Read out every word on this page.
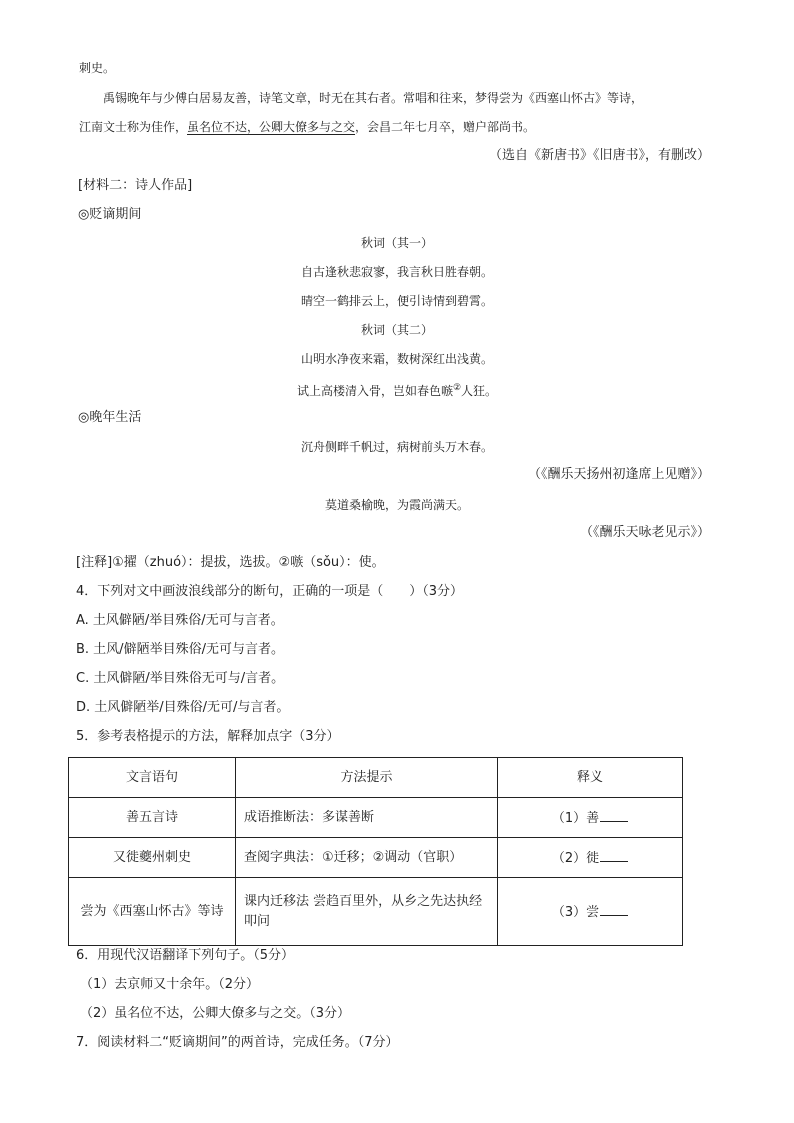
刺史。
禹锡晚年与少傅白居易友善，诗笔文章，时无在其右者。常唱和往来，梦得尝为《西塞山怀古》等诗，
江南文士称为佳作，虽名位不达，公卿大僚多与之交，会昌二年七月卒，赠户部尚书。
（选自《新唐书》《旧唐书》，有删改）
[材料二：诗人作品]
◎贬谪期间
秋词（其一）
自古逢秋悲寂寥，我言秋日胜春朝。
晴空一鹤排云上，便引诗情到碧霄。
秋词（其二）
山明水净夜来霜，数树深红出浅黄。
试上高楼清入骨，岂如春色嗾②人狂。
◎晚年生活
沉舟侧畔千帆过，病树前头万木春。
（《酬乐天扬州初逢席上见赠》）
莫道桑榆晚，为霞尚满天。
（《酬乐天咏老见示》）
[注释]①擢（zhuó）：提拔，选拔。②嗾（sǒu）：使。
4．下列对文中画波浪线部分的断句，正确的一项是（　　）（3分）
A. 土风僻陋/举目殊俗/无可与言者。
B. 土风/僻陋举目殊俗/无可与言者。
C. 土风僻陋/举目殊俗无可与/言者。
D. 土风僻陋举/目殊俗/无可/与言者。
5．参考表格提示的方法，解释加点字（3分）
文言语句	方法提示	释义
善五言诗	成语推断法：多谋善断	（1）善
又徙夔州刺史	查阅字典法：①迁移；②调动（官职）	（2）徙
尝为《西塞山怀古》等诗	课内迁移法 尝趋百里外，从乡之先达执经叩问	（3）尝
6．用现代汉语翻译下列句子。（5分）
（1）去京师又十余年。（2分）
（2）虽名位不达，公卿大僚多与之交。（3分）
7．阅读材料二“贬谪期间”的两首诗，完成任务。（7分）
